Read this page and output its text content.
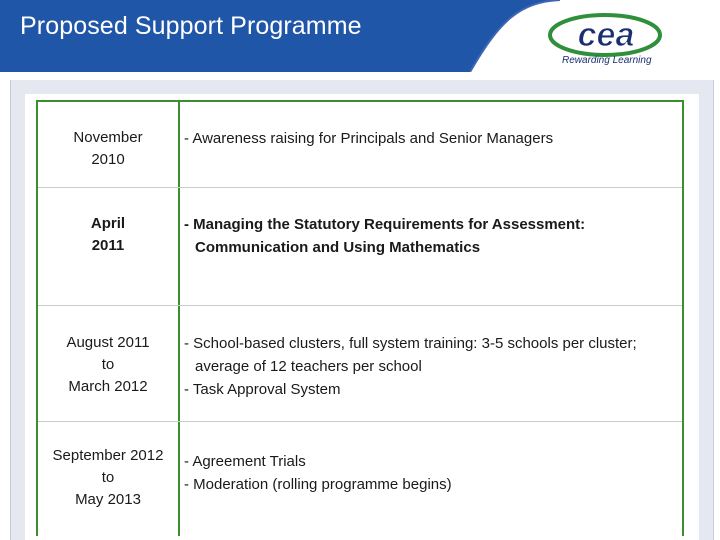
cea
Rewarding Learning
Proposed Support Programme
November
2010
- Awareness raising for Principals and Senior Managers
April
2011
- Managing the Statutory Requirements for Assessment:
Communication and Using Mathematics
August 2011
to
March 2012
- School-based clusters, full system training: 3-5 schools per cluster;
average of 12 teachers per school
- Task Approval System
September 2012
to
May 2013
- Agreement Trials
- Moderation (rolling programme begins)
